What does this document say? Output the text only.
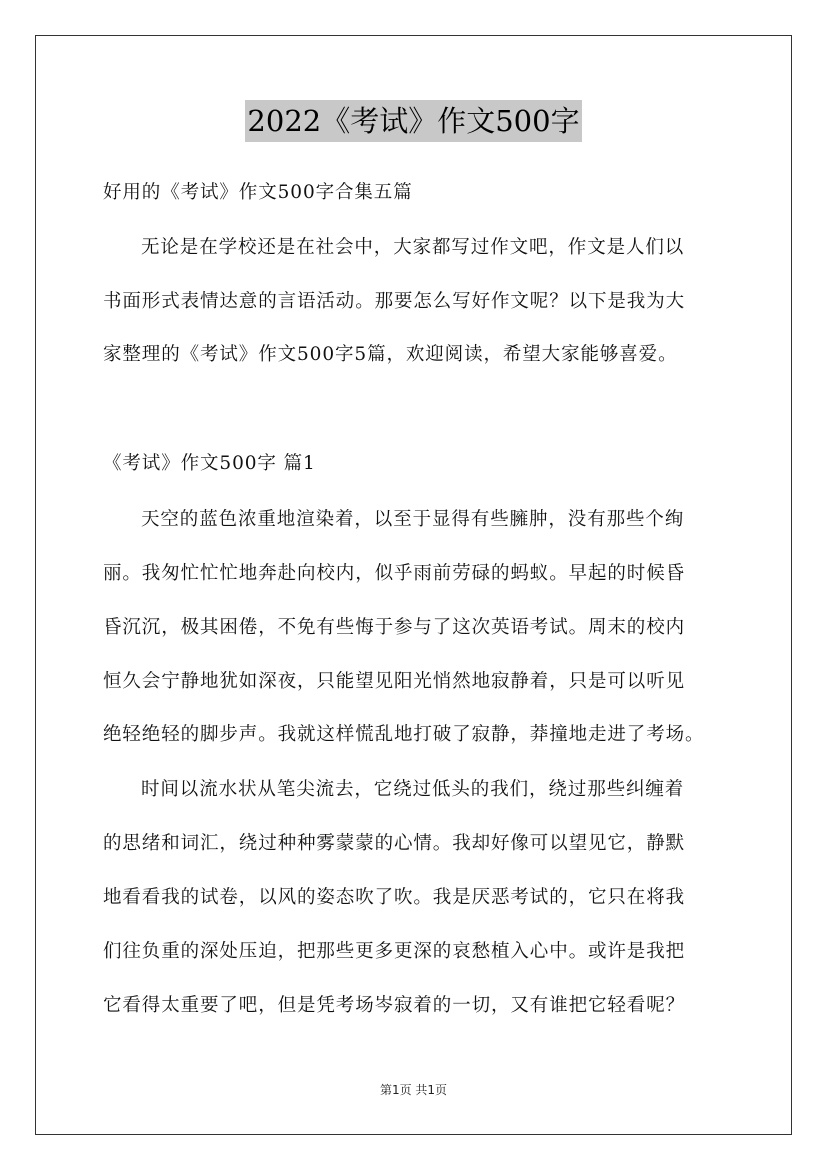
2022《考试》作文500字
好用的《考试》作文500字合集五篇
无论是在学校还是在社会中，大家都写过作文吧，作文是人们以
书面形式表情达意的言语活动。那要怎么写好作文呢？以下是我为大
家整理的《考试》作文500字5篇，欢迎阅读，希望大家能够喜爱。
《考试》作文500字 篇1
天空的蓝色浓重地渲染着，以至于显得有些臃肿，没有那些个绚
丽。我匆忙忙忙地奔赴向校内，似乎雨前劳碌的蚂蚁。早起的时候昏
昏沉沉，极其困倦，不免有些悔于参与了这次英语考试。周末的校内
恒久会宁静地犹如深夜，只能望见阳光悄然地寂静着，只是可以听见
绝轻绝轻的脚步声。我就这样慌乱地打破了寂静，莽撞地走进了考场。
时间以流水状从笔尖流去，它绕过低头的我们，绕过那些纠缠着
的思绪和词汇，绕过种种雾蒙蒙的心情。我却好像可以望见它，静默
地看看我的试卷，以风的姿态吹了吹。我是厌恶考试的，它只在将我
们往负重的深处压迫，把那些更多更深的哀愁植入心中。或许是我把
它看得太重要了吧，但是凭考场岑寂着的一切，又有谁把它轻看呢？
第1页 共1页
